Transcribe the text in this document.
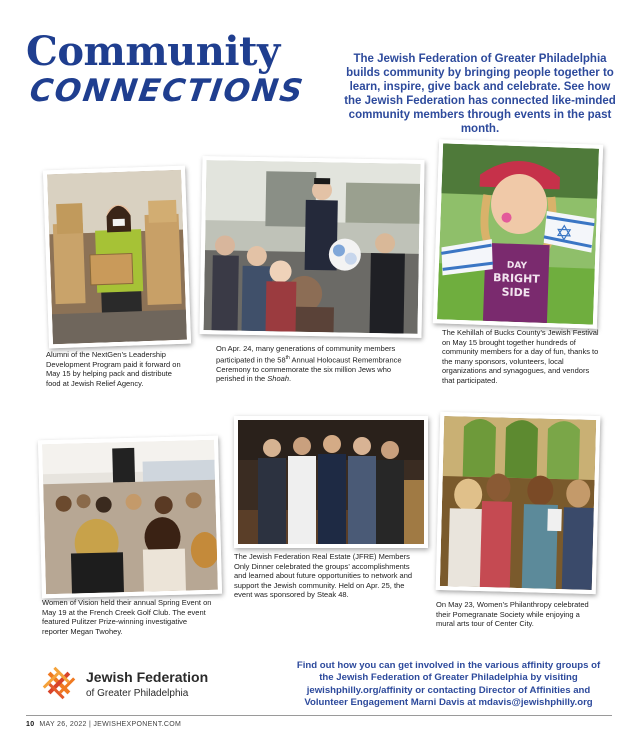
Community
CONNECTIONS
The Jewish Federation of Greater Philadelphia builds community by bringing people together to learn, inspire, give back and celebrate. See how the Jewish Federation has connected like-minded community members through events in the past month.
Alumni of the NextGen’s Leadership Development Program paid it forward on May 15 by helping pack and distribute food at Jewish Relief Agency.
On Apr. 24, many generations of community members participated in the 58th Annual Holocaust Remembrance Ceremony to commemorate the six million Jews who perished in the Shoah.
DAY
BRIGHT
SIDE
The Kehillah of Bucks County’s Jewish Festival on May 15 brought together hundreds of community members for a day of fun, thanks to the many sponsors, volunteers, local organizations and synagogues, and vendors that participated.
Women of Vision held their annual Spring Event on May 19 at the French Creek Golf Club. The event featured Pulitzer Prize-winning investigative reporter Megan Twohey.
The Jewish Federation Real Estate (JFRE) Members Only Dinner celebrated the groups’ accomplishments and learned about future opportunities to network and support the Jewish community. Held on Apr. 25, the event was sponsored by Steak 48.
On May 23, Women’s Philanthropy celebrated their Pomegranate Society while enjoying a mural arts tour of Center City.
Jewish Federation
of Greater Philadelphia
Find out how you can get involved in the various affinity groups of the Jewish Federation of Greater Philadelphia by visiting jewishphilly.org/affinity or contacting Director of Affinities and Volunteer Engagement Marni Davis at mdavis@jewishphilly.org
10 MAY 26, 2022 | JEWISHEXPONENT.COM
